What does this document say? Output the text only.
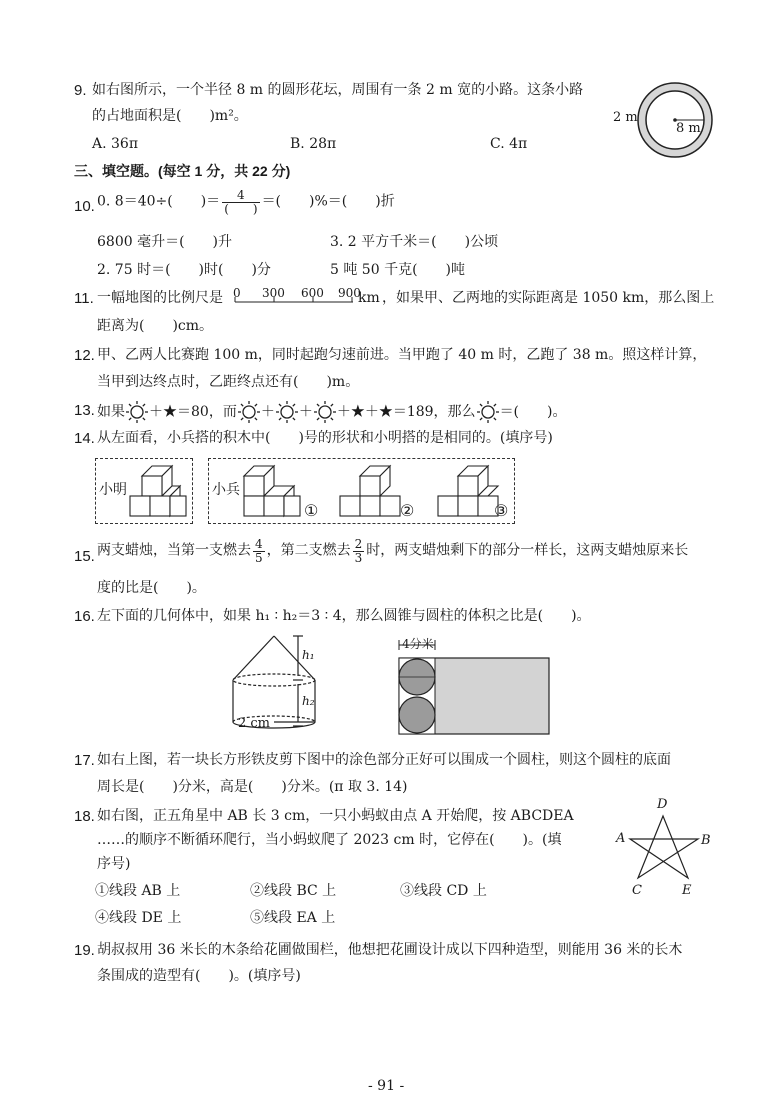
9. 如右图所示，一个半径 8 m 的圆形花坛，周围有一条 2 m 宽的小路。这条小路
的占地面积是(　　)m²。
A. 36π	B. 28π	C. 4π
2 m
8 m
三、填空题。(每空 1 分，共 22 分)
10. 0. 8＝40÷(　　)＝ $\frac{4}{( )}$ ＝(　　)%＝(　　)折
6800 毫升＝(　　)升	3. 2 平方千米＝(　　)公顷
2. 75 时＝(　　)时(　　)分	5 吨 50 千克(　　)吨
11. 一幅地图的比例尺是 0 300 600 900
km ，如果甲、乙两地的实际距离是 1050 km，那么图上
距离为(　　)cm。
12. 甲、乙两人比赛跑 100 m，同时起跑匀速前进。当甲跑了 40 m 时，乙跑了 38 m。照这样计算，
当甲到达终点时，乙距终点还有(　　)m。
13. 如果 ＋★＝80，而 ＋ ＋ ＋★＋★＝189，那么 ＝(　　)。
14. 从左面看，小兵搭的积木中(　　)号的形状和小明搭的是相同的。(填序号)
小明	小兵
①	②	③
15. 两支蜡烛，当第一支燃去 $\frac{4}{5}$ ，第二支燃去 $\frac{2}{3}$ 时，两支蜡烛剩下的部分一样长，这两支蜡烛原来长
度的比是(　　)。
16. 左下面的几何体中，如果 h₁ ∶ h₂＝3 ∶ 4，那么圆锥与圆柱的体积之比是(　　)。
h₁
h₂
2 cm
4分米
17. 如右上图，若一块长方形铁皮剪下图中的涂色部分正好可以围成一个圆柱，则这个圆柱的底面
周长是(　　)分米，高是(　　)分米。(π 取 3. 14)
18. 如右图，正五角星中 AB 长 3 cm，一只小蚂蚁由点 A 开始爬，按 ABCDEA
……的顺序不断循环爬行，当小蚂蚁爬了 2023 cm 时，它停在(　　)。(填
序号)
①线段 AB 上	②线段 BC 上	③线段 CD 上
④线段 DE 上	⑤线段 EA 上
D
A	B
C	E
19. 胡叔叔用 36 米长的木条给花圃做围栏，他想把花圃设计成以下四种造型，则能用 36 米的长木
条围成的造型有(　　)。(填序号)
- 91 -
